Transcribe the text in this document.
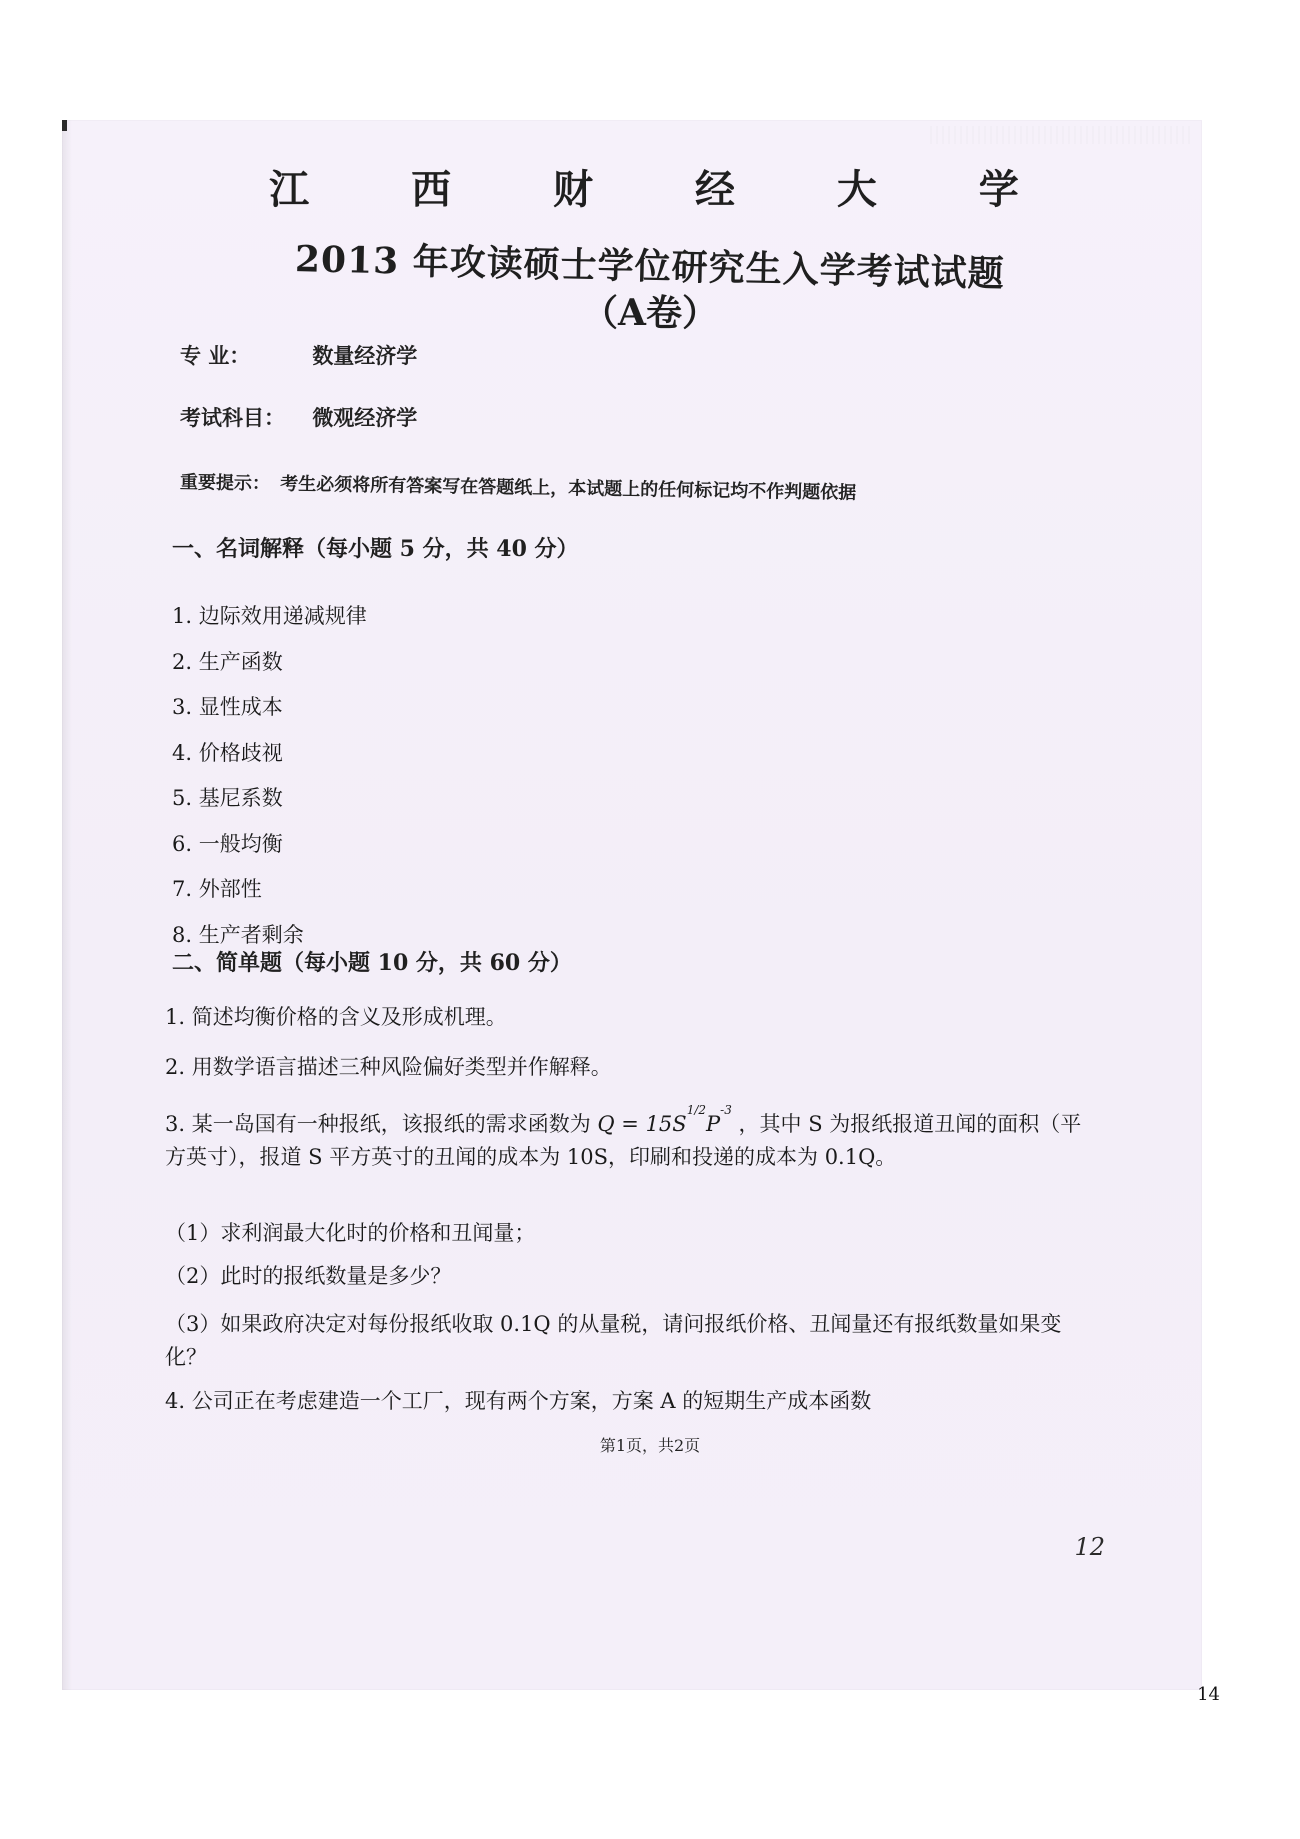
江 西 财 经 大 学
2013 年攻读硕士学位研究生入学考试试题
（A卷）
专 业：	数量经济学
考试科目： 微观经济学
重要提示： 考生必须将所有答案写在答题纸上，本试题上的任何标记均不作判题依据
一、名词解释（每小题 5 分，共 40 分）
1. 边际效用递减规律
2. 生产函数
3. 显性成本
4. 价格歧视
5. 基尼系数
6. 一般均衡
7. 外部性
8. 生产者剩余
二、简单题（每小题 10 分，共 60 分）
1. 简述均衡价格的含义及形成机理。
2. 用数学语言描述三种风险偏好类型并作解释。
3. 某一岛国有一种报纸，该报纸的需求函数为 $Q = 15S^{1/2}P^{-3}$ ，其中 S 为报纸报道丑闻的面积（平方英寸），报道 S 平方英寸的丑闻的成本为 10S，印刷和投递的成本为 0.1Q。
（1）求利润最大化时的价格和丑闻量；
（2）此时的报纸数量是多少？
（3）如果政府决定对每份报纸收取 0.1Q 的从量税，请问报纸价格、丑闻量还有报纸数量如果变化？
4. 公司正在考虑建造一个工厂，现有两个方案，方案 A 的短期生产成本函数
第1页，共2页
12
14
